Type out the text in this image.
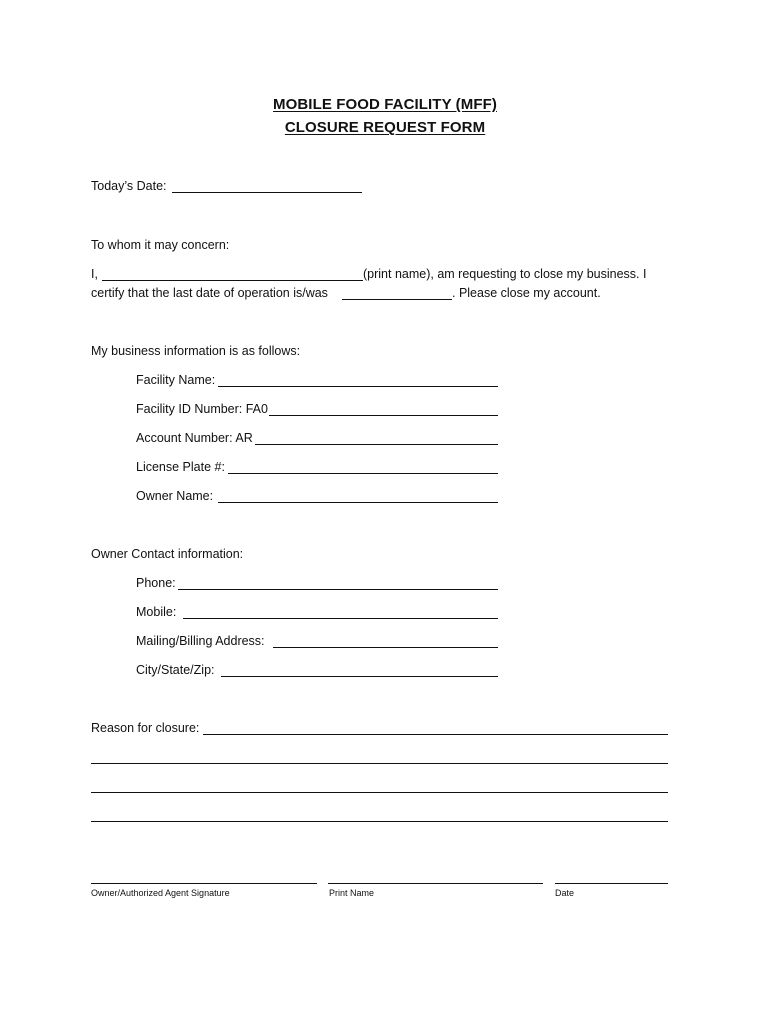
MOBILE FOOD FACILITY (MFF)
CLOSURE REQUEST FORM
Today’s Date:
To whom it may concern:
I,	(print name), am requesting to close my business. I
certify that the last date of operation is/was	. Please close my account.
My business information is as follows:
Facility Name:
Facility ID Number: FA0
Account Number: AR
License Plate #:
Owner Name:
Owner Contact information:
Phone:
Mobile:
Mailing/Billing Address:
City/State/Zip:
Reason for closure:
Owner/Authorized Agent Signature	Print Name	Date
